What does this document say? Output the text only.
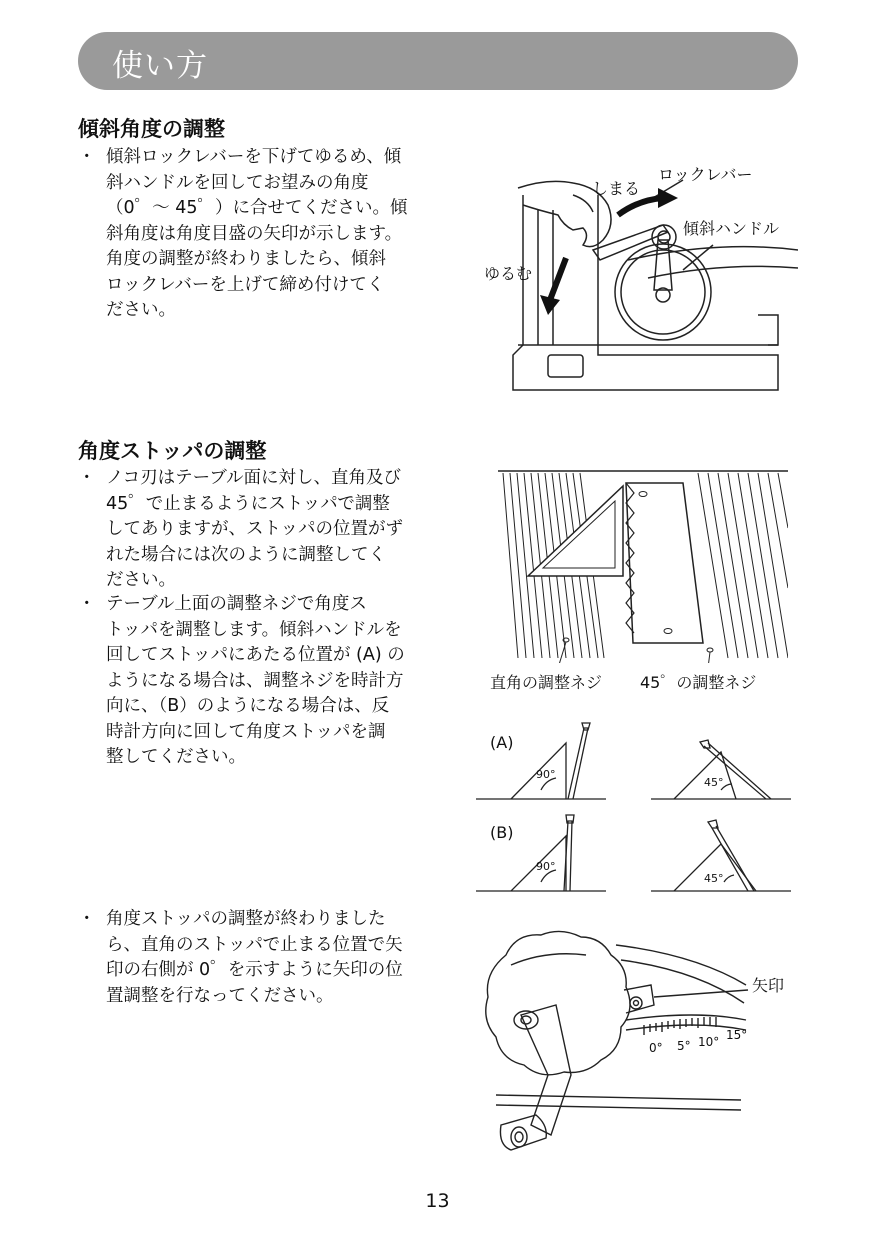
使い方
傾斜角度の調整
・ 傾斜ロックレバーを下げてゆるめ、傾
斜ハンドルを回してお望みの角度
（0゜～ 45゜）に合せてください。傾
斜角度は角度目盛の矢印が示します。
角度の調整が終わりましたら、傾斜
ロックレバーを上げて締め付けてく
ださい。
しまる
ロックレバー
傾斜ハンドル
ゆるむ
角度ストッパの調整
・ ノコ刃はテーブル面に対し、直角及び
45゜で止まるようにストッパで調整
してありますが、ストッパの位置がず
れた場合には次のように調整してく
ださい。
・ テーブル上面の調整ネジで角度ス
トッパを調整します。傾斜ハンドルを
回してストッパにあたる位置が (A) の
ようになる場合は、調整ネジを時計方
向に、（B）のようになる場合は、反
時計方向に回して角度ストッパを調
整してください。
直角の調整ネジ 45゜の調整ネジ
(A)
(B)
90°
45°
90°
45°
・ 角度ストッパの調整が終わりました
ら、直角のストッパで止まる位置で矢
印の右側が 0゜を示すように矢印の位
置調整を行なってください。
0° 5° 10° 15°
矢印
13
